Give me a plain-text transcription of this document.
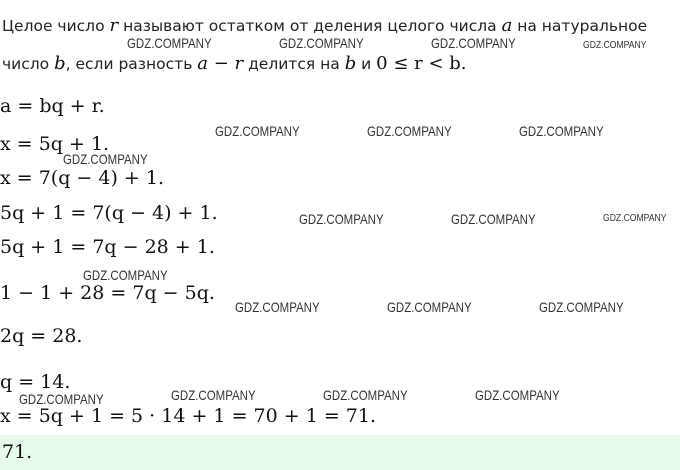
Целое число r называют остатком от деления целого числа a на натуральное
число b, если разность a − r делится на b и 0 ≤ r < b.
a = bq + r.
x = 5q + 1.
x = 7(q − 4) + 1.
5q + 1 = 7(q − 4) + 1.
5q + 1 = 7q − 28 + 1.
1 − 1 + 28 = 7q − 5q.
2q = 28.
q = 14.
x = 5q + 1 = 5 · 14 + 1 = 70 + 1 = 71.
71.
GDZ.COMPANY	GDZ.COMPANY	GDZ.COMPANY	GDZ.COMPANY
GDZ.COMPANY	GDZ.COMPANY	GDZ.COMPANY
GDZ.COMPANY
GDZ.COMPANY	GDZ.COMPANY	GDZ.COMPANY
GDZ.COMPANY
GDZ.COMPANY	GDZ.COMPANY	GDZ.COMPANY
GDZ.COMPANY	GDZ.COMPANY	GDZ.COMPANY	GDZ.COMPANY
